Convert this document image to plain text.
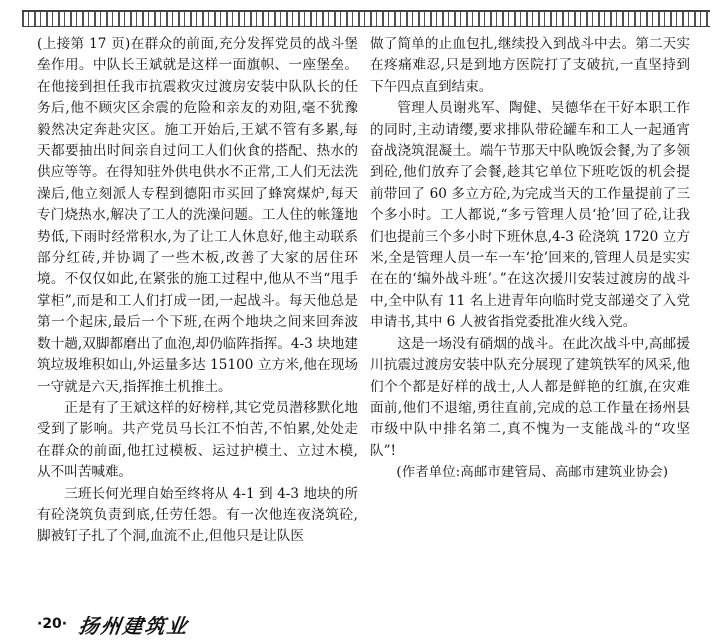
(上接第 17 页)在群众的前面,充分发挥党员的战斗堡垒作用。中队长王斌就是这样一面旗帜、一座堡垒。在他接到担任我市抗震救灾过渡房安装中队队长的任务后,他不顾灾区余震的危险和亲友的劝阻,毫不犹豫毅然决定奔赴灾区。施工开始后,王斌不管有多累,每天都要抽出时间亲自过问工人们伙食的搭配、热水的供应等等。在得知驻外供电供水不正常,工人们无法洗澡后,他立刻派人专程到德阳市买回了蜂窝煤炉,每天专门烧热水,解决了工人的洗澡问题。工人住的帐篷地势低,下雨时经常积水,为了让工人休息好,他主动联系部分红砖,并协调了一些木板,改善了大家的居住环境。不仅仅如此,在紧张的施工过程中,他从不当“甩手掌柜”,而是和工人们打成一团,一起战斗。每天他总是第一个起床,最后一个下班,在两个地块之间来回奔波数十趟,双脚都磨出了血泡,却仍临阵指挥。4-3 块地建筑垃圾堆积如山,外运量多达 15100 立方米,他在现场一守就是六天,指挥推土机推土。

正是有了王斌这样的好榜样,其它党员潜移默化地受到了影响。共产党员马长江不怕苦,不怕累,处处走在群众的前面,他扛过模板、运过护模土、立过木模,从不叫苦喊难。

三班长何光理自始至终将从 4-1 到 4-3 地块的所有砼浇筑负责到底,任劳任怨。有一次他连夜浇筑砼,脚被钉子扎了个洞,血流不止,但他只是让队医

做了简单的止血包扎,继续投入到战斗中去。第二天实在疼痛难忍,只是到地方医院打了支破抗,一直坚持到下午四点直到结束。

管理人员谢兆军、陶健、吴德华在干好本职工作的同时,主动请缨,要求排队带砼罐车和工人一起通宵奋战浇筑混凝土。端午节那天中队晚饭会餐,为了多领到砼,他们放弃了会餐,趁其它单位下班吃饭的机会提前带回了 60 多立方砼,为完成当天的工作量提前了三个多小时。工人都说,“多亏管理人员‘抢’回了砼,让我们也提前三个多小时下班休息,4-3 砼浇筑 1720 立方米,全是管理人员一车一车‘抢’回来的,管理人员是实实在在的‘编外战斗班’。”在这次援川安装过渡房的战斗中,全中队有 11 名上进青年向临时党支部递交了入党申请书,其中 6 人被省指党委批准火线入党。

这是一场没有硝烟的战斗。在此次战斗中,高邮援川抗震过渡房安装中队充分展现了建筑铁军的风采,他们个个都是好样的战士,人人都是鲜艳的红旗,在灾难面前,他们不退缩,勇往直前,完成的总工作量在扬州县市级中队中排名第二,真不愧为一支能战斗的“攻坚队”!

(作者单位:高邮市建管局、高邮市建筑业协会)

·20· 扬州建筑业
